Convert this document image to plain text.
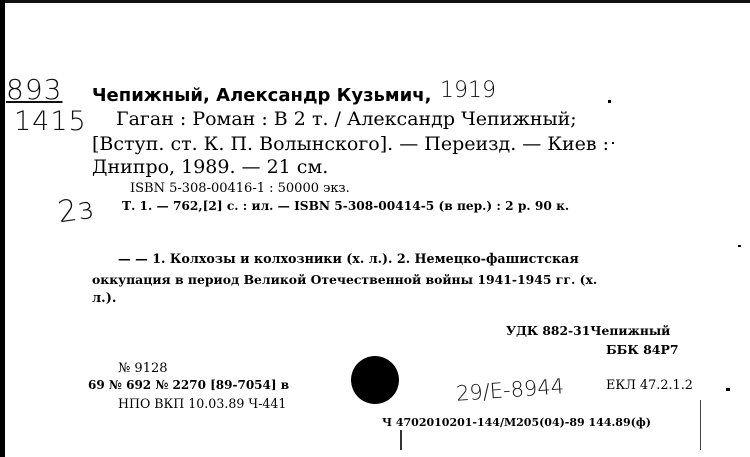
893
1415
Чепижный, Александр Кузьмич, 1919
Гаган : Роман : В 2 т. / Александр Чепижный;
[Вступ. ст. К. П. Волынского]. — Переизд. — Киев :
Днипро, 1989. — 21 см.
ISBN 5-308-00416-1 : 50000 экз.
2ɜ Т. 1. — 762,[2] с. : ил. — ISBN 5-308-00414-5 (в пер.) : 2 р. 90 к.
— — 1. Колхозы и колхозники (х. л.). 2. Немецко-фашистская
оккупация в период Великой Отечественной войны 1941-1945 гг. (х.
л.).
УДК 882-31Чепижный
ББК 84Р7
№ 9128
69 № 692 № 2270 [89-7054] в
НПО ВКП 10.03.89 Ч-441	29/E-8944	ЕКЛ 47.2.1.2
Ч 4702010201-144/М205(04)-89 144.89(ф)
